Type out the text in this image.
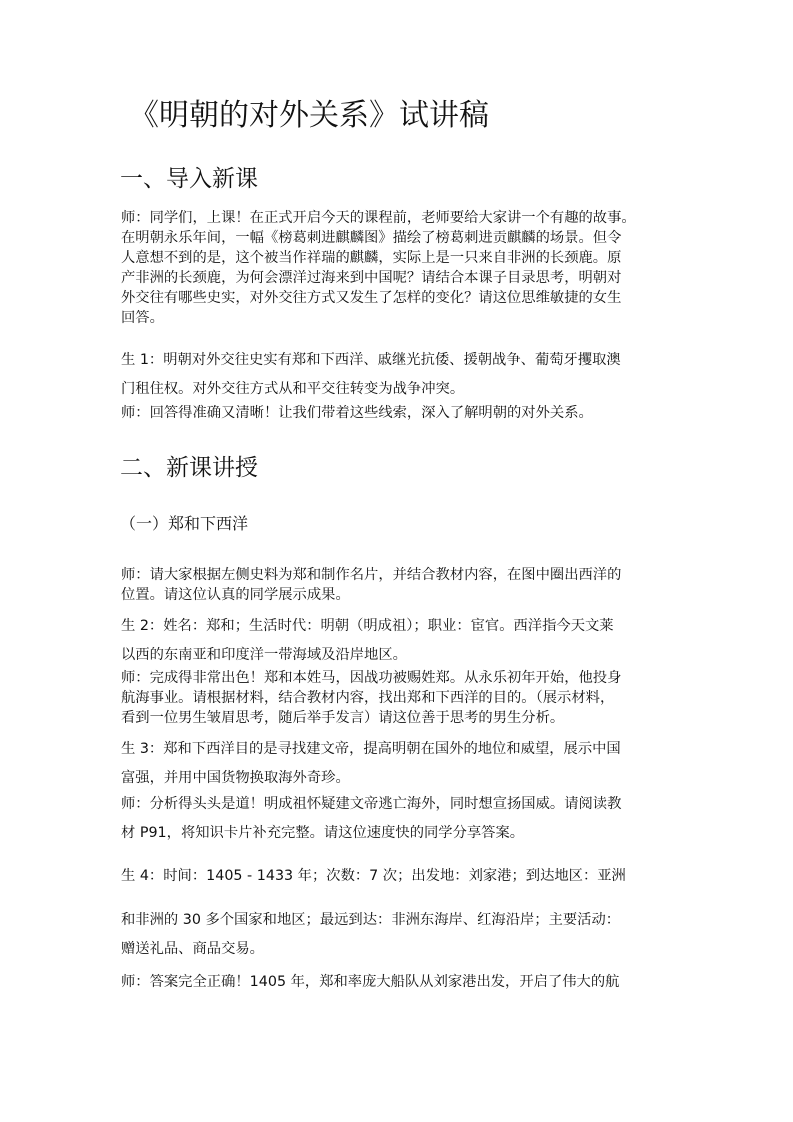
《明朝的对外关系》试讲稿
一、导入新课
师：同学们，上课！在正式开启今天的课程前，老师要给大家讲一个有趣的故事。
在明朝永乐年间，一幅《榜葛刺进麒麟图》描绘了榜葛刺进贡麒麟的场景。但令
人意想不到的是，这个被当作祥瑞的麒麟，实际上是一只来自非洲的长颈鹿。原
产非洲的长颈鹿，为何会漂洋过海来到中国呢？请结合本课子目录思考，明朝对
外交往有哪些史实，对外交往方式又发生了怎样的变化？请这位思维敏捷的女生
回答。
生 1：明朝对外交往史实有郑和下西洋、戚继光抗倭、援朝战争、葡萄牙攫取澳
门租住权。对外交往方式从和平交往转变为战争冲突。
师：回答得准确又清晰！让我们带着这些线索，深入了解明朝的对外关系。
二、新课讲授
（一）郑和下西洋
师：请大家根据左侧史料为郑和制作名片，并结合教材内容，在图中圈出西洋的
位置。请这位认真的同学展示成果。
生 2：姓名：郑和；生活时代：明朝（明成祖）；职业：宦官。西洋指今天文莱
以西的东南亚和印度洋一带海域及沿岸地区。
师：完成得非常出色！郑和本姓马，因战功被赐姓郑。从永乐初年开始，他投身
航海事业。请根据材料，结合教材内容，找出郑和下西洋的目的。（展示材料，
看到一位男生皱眉思考，随后举手发言）请这位善于思考的男生分析。
生 3：郑和下西洋目的是寻找建文帝，提高明朝在国外的地位和威望，展示中国
富强，并用中国货物换取海外奇珍。
师：分析得头头是道！明成祖怀疑建文帝逃亡海外，同时想宣扬国威。请阅读教
材 P91，将知识卡片补充完整。请这位速度快的同学分享答案。
生 4：时间：1405 - 1433 年；次数：7 次；出发地：刘家港；到达地区：亚洲
和非洲的 30 多个国家和地区；最远到达：非洲东海岸、红海沿岸；主要活动：
赠送礼品、商品交易。
师：答案完全正确！1405 年，郑和率庞大船队从刘家港出发，开启了伟大的航
